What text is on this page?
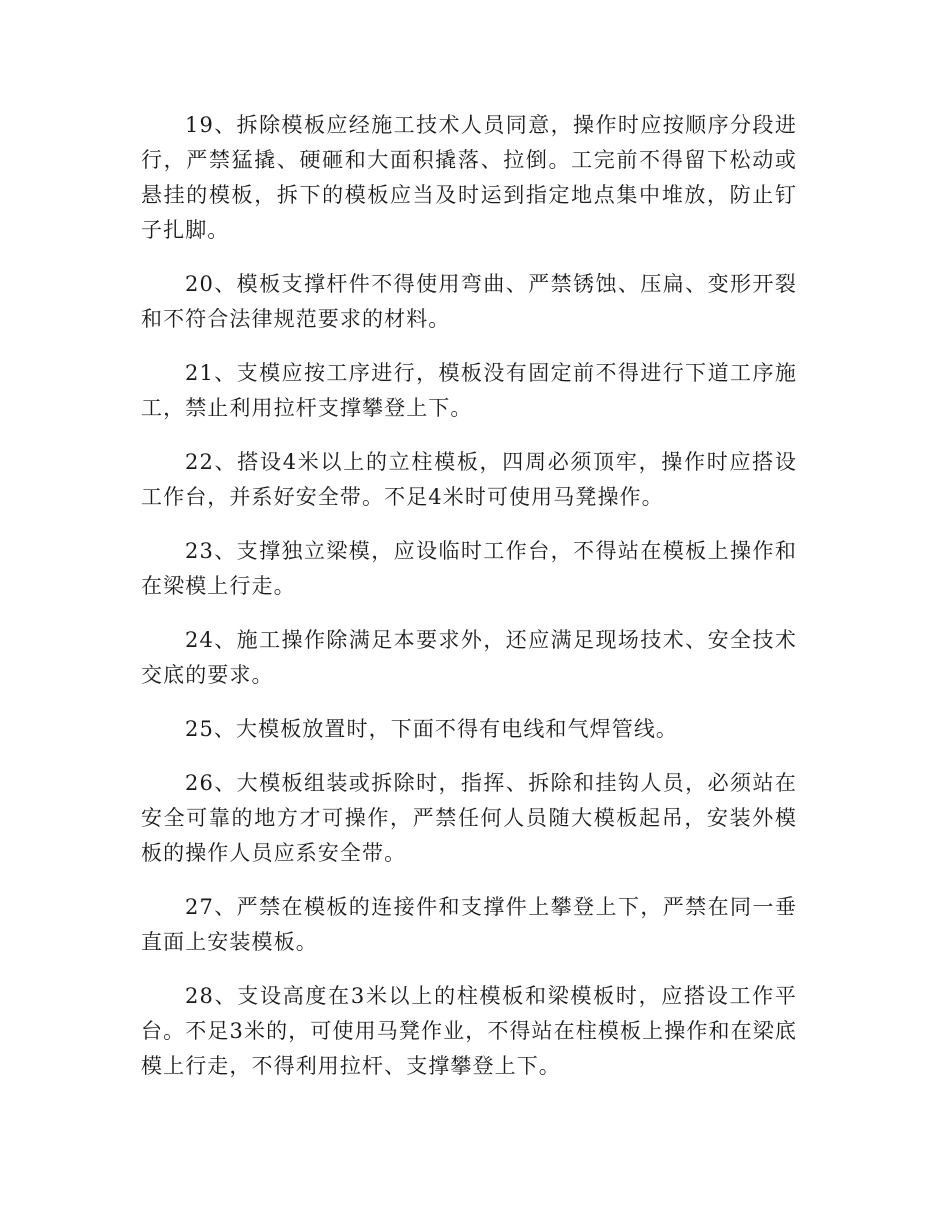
19、拆除模板应经施工技术人员同意，操作时应按顺序分段进行，严禁猛撬、硬砸和大面积撬落、拉倒。工完前不得留下松动或悬挂的模板，拆下的模板应当及时运到指定地点集中堆放，防止钉子扎脚。

20、模板支撑杆件不得使用弯曲、严禁锈蚀、压扁、变形开裂和不符合法律规范要求的材料。

21、支模应按工序进行，模板没有固定前不得进行下道工序施工，禁止利用拉杆支撑攀登上下。

22、搭设4米以上的立柱模板，四周必须顶牢，操作时应搭设工作台，并系好安全带。不足4米时可使用马凳操作。

23、支撑独立梁模，应设临时工作台，不得站在模板上操作和在梁模上行走。

24、施工操作除满足本要求外，还应满足现场技术、安全技术交底的要求。

25、大模板放置时，下面不得有电线和气焊管线。

26、大模板组装或拆除时，指挥、拆除和挂钩人员，必须站在安全可靠的地方才可操作，严禁任何人员随大模板起吊，安装外模板的操作人员应系安全带。

27、严禁在模板的连接件和支撑件上攀登上下，严禁在同一垂直面上安装模板。

28、支设高度在3米以上的柱模板和梁模板时，应搭设工作平台。不足3米的，可使用马凳作业，不得站在柱模板上操作和在梁底模上行走，不得利用拉杆、支撑攀登上下。
